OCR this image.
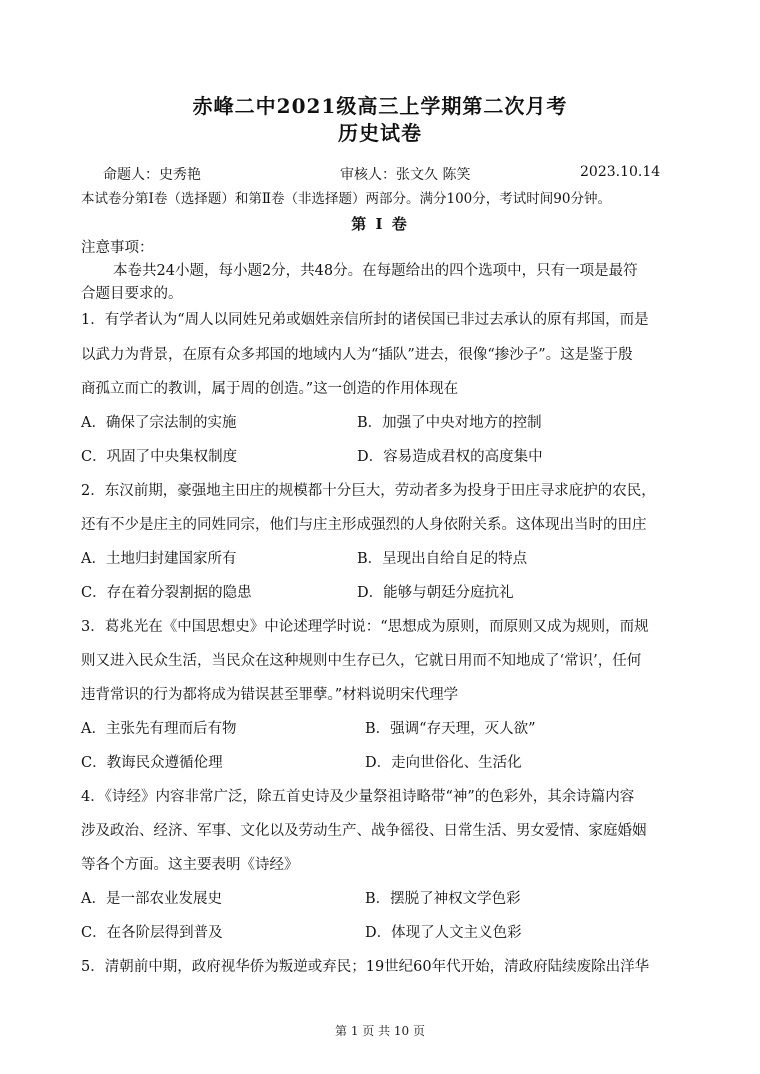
赤峰二中2021级高三上学期第二次月考
历史试卷
命题人：史秀艳	审核人：张文久 陈笑	2023.10.14
本试卷分第Ⅰ卷（选择题）和第Ⅱ卷（非选择题）两部分。满分100分，考试时间90分钟。
第 Ⅰ 卷
注意事项：
本卷共24小题，每小题2分，共48分。在每题给出的四个选项中，只有一项是最符
合题目要求的。
1．有学者认为“周人以同姓兄弟或姻姓亲信所封的诸侯国已非过去承认的原有邦国，而是
以武力为背景，在原有众多邦国的地域内人为“插队”进去，很像“掺沙子”。这是鉴于殷
商孤立而亡的教训，属于周的创造。”这一创造的作用体现在
A．确保了宗法制的实施	B．加强了中央对地方的控制
C．巩固了中央集权制度	D．容易造成君权的高度集中
2．东汉前期，豪强地主田庄的规模都十分巨大，劳动者多为投身于田庄寻求庇护的农民，
还有不少是庄主的同姓同宗，他们与庄主形成强烈的人身依附关系。这体现出当时的田庄
A．土地归封建国家所有	B．呈现出自给自足的特点
C．存在着分裂割据的隐患	D．能够与朝廷分庭抗礼
3．葛兆光在《中国思想史》中论述理学时说：“思想成为原则，而原则又成为规则，而规
则又进入民众生活，当民众在这种规则中生存已久，它就日用而不知地成了‘常识’，任何
违背常识的行为都将成为错误甚至罪孽。”材料说明宋代理学
A．主张先有理而后有物	B．强调“存天理，灭人欲”
C．教诲民众遵循伦理	D．走向世俗化、生活化
4．《诗经》内容非常广泛，除五首史诗及少量祭祖诗略带“神”的色彩外，其余诗篇内容
涉及政治、经济、军事、文化以及劳动生产、战争徭役、日常生活、男女爱情、家庭婚姻
等各个方面。这主要表明《诗经》
A．是一部农业发展史	B．摆脱了神权文学色彩
C．在各阶层得到普及	D．体现了人文主义色彩
5．清朝前中期，政府视华侨为叛逆或弃民；19世纪60年代开始，清政府陆续废除出洋华
第 1 页 共 10 页
